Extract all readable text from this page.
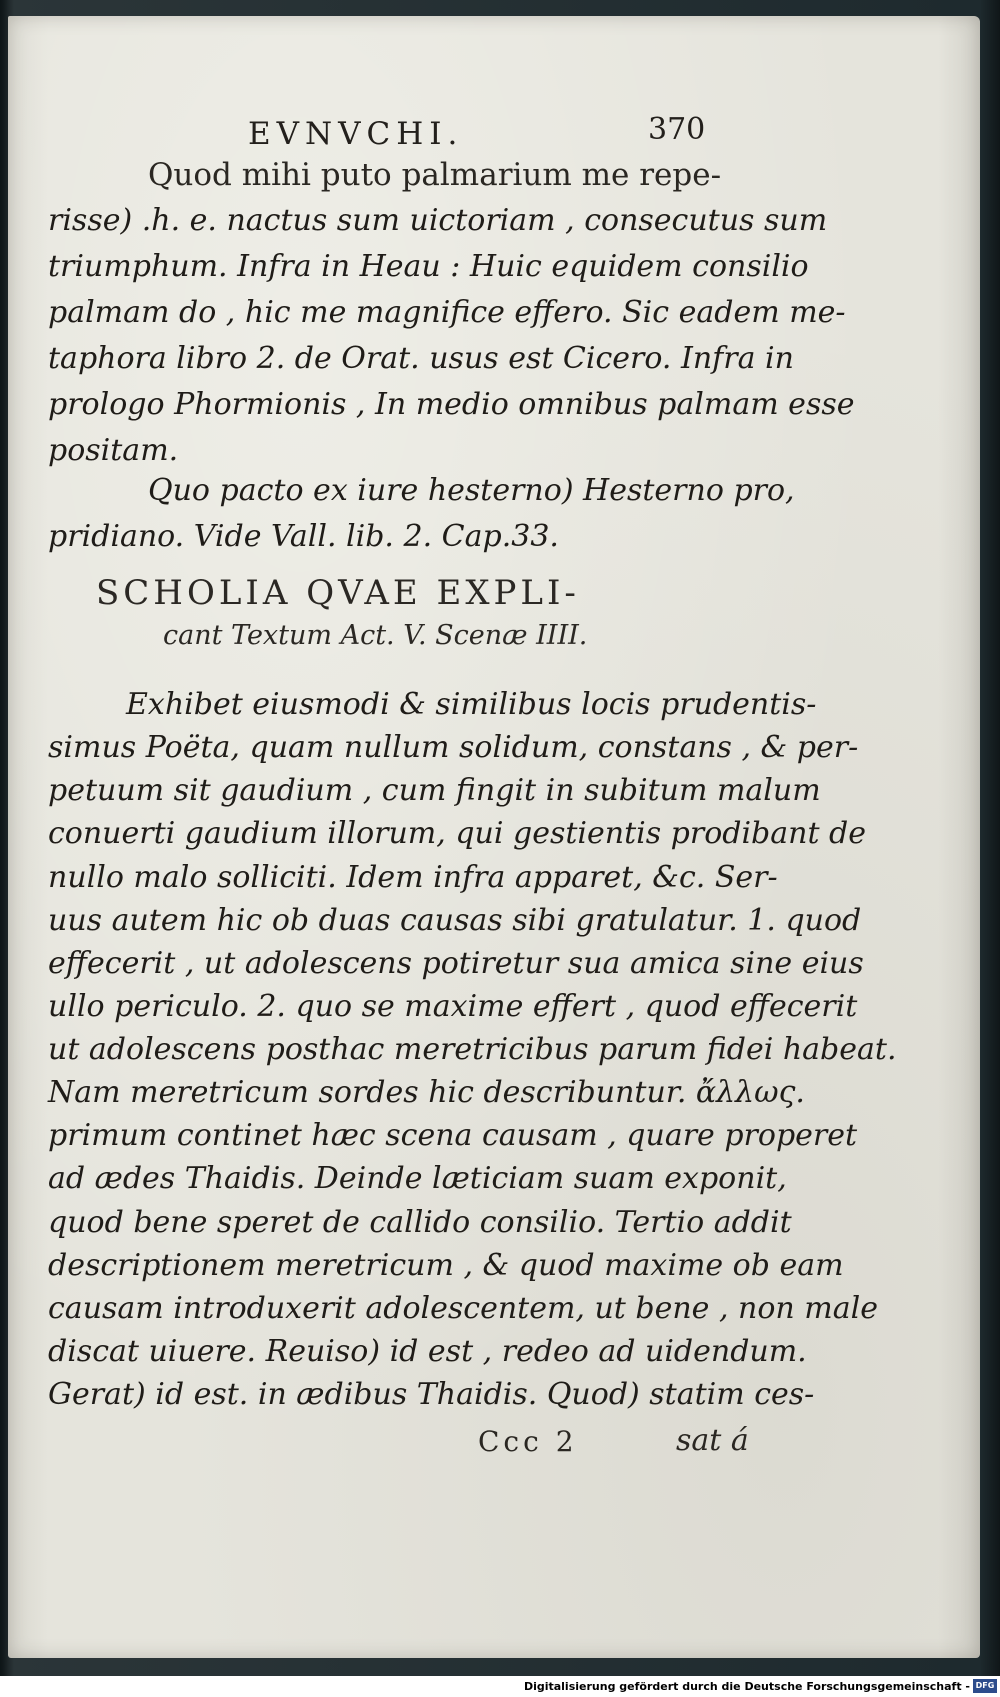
EVNVCHI.	370
Quod mihi puto palmarium me repe-
risse) .h. e. nactus sum uictoriam , consecutus sum
triumphum. Infra in Heau : Huic equidem consilio
palmam do , hic me magnifice effero. Sic eadem me-
taphora libro 2. de Orat. usus est Cicero. Infra in
prologo Phormionis , In medio omnibus palmam esse
positam.
Quo pacto ex iure hesterno) Hesterno pro,
pridiano. Vide Vall. lib. 2. Cap.33.
SCHOLIA QVAE EXPLI-
cant Textum Act. V. Scenæ IIII.
Exhibet eiusmodi & similibus locis prudentis-
simus Poëta, quam nullum solidum, constans , & per-
petuum sit gaudium , cum fingit in subitum malum
conuerti gaudium illorum, qui gestientis prodibant de
nullo malo solliciti. Idem infra apparet, &c. Ser-
uus autem hic ob duas causas sibi gratulatur. 1. quod
effecerit , ut adolescens potiretur sua amica sine eius
ullo periculo. 2. quo se maxime effert , quod effecerit
ut adolescens posthac meretricibus parum fidei habeat.
Nam meretricum sordes hic describuntur. ἄλλως.
primum continet hæc scena causam , quare properet
ad ædes Thaidis. Deinde læticiam suam exponit,
quod bene speret de callido consilio. Tertio addit
descriptionem meretricum , & quod maxime ob eam
causam introduxerit adolescentem, ut bene , non male
discat uiuere. Reuiso) id est , redeo ad uidendum.
Ccc 2	sat á
Gerat) id est. in ædibus Thaidis. Quod) statim ces-
Digitalisierung gefördert durch die Deutsche Forschungsgemeinschaft - DFG
